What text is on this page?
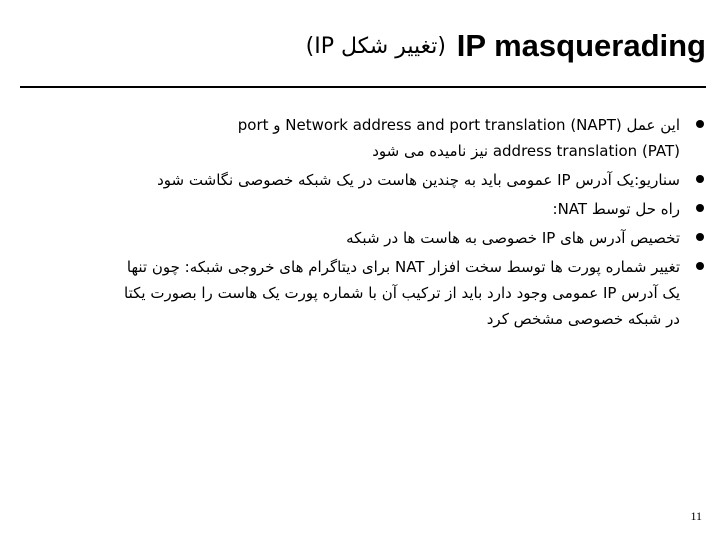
IP masquerading (تغییر شکل IP)
این عمل Network address and port translation (NAPT) و port
address translation (PAT) نیز نامیده می شود
سناریو:یک آدرس IP عمومی باید به چندین هاست در یک شبکه خصوصی نگاشت شود
راه حل توسط NAT:
تخصیص آدرس های IP خصوصی به هاست ها در شبکه
تغییر شماره پورت ها توسط سخت افزار NAT برای دیتاگرام های خروجی شبکه: چون تنها
یک آدرس IP عمومی وجود دارد باید از ترکیب آن با شماره پورت یک هاست را بصورت یکتا
در شبکه خصوصی مشخص کرد
11
